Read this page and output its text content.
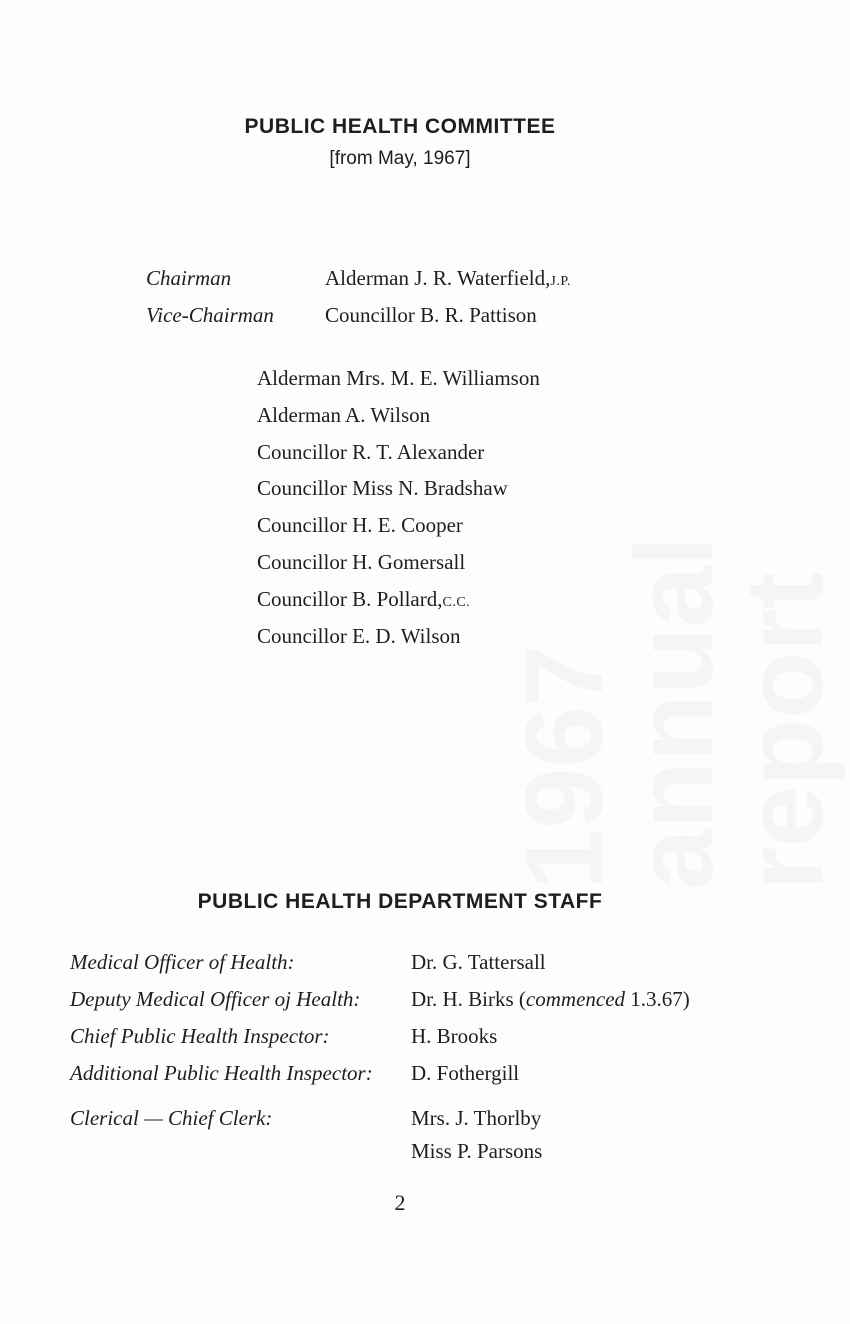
1967 annual report
PUBLIC HEALTH COMMITTEE
[from May, 1967]
Chairman	Alderman J. R. Waterfield,J.P.
Vice-Chairman Councillor B. R. Pattison
Alderman Mrs. M. E. Williamson
Alderman A. Wilson
Councillor R. T. Alexander
Councillor Miss N. Bradshaw
Councillor H. E. Cooper
Councillor H. Gomersall
Councillor B. Pollard,C.C.
Councillor E. D. Wilson
PUBLIC HEALTH DEPARTMENT STAFF
Medical Officer of Health:	Dr. G. Tattersall
Deputy Medical Officer oj Health: Dr. H. Birks (commenced 1.3.67)
Chief Public Health Inspector:	H. Brooks
Additional Public Health Inspector: D. Fothergill
Clerical — Chief Clerk:	Mrs. J. Thorlby
Miss P. Parsons
2
